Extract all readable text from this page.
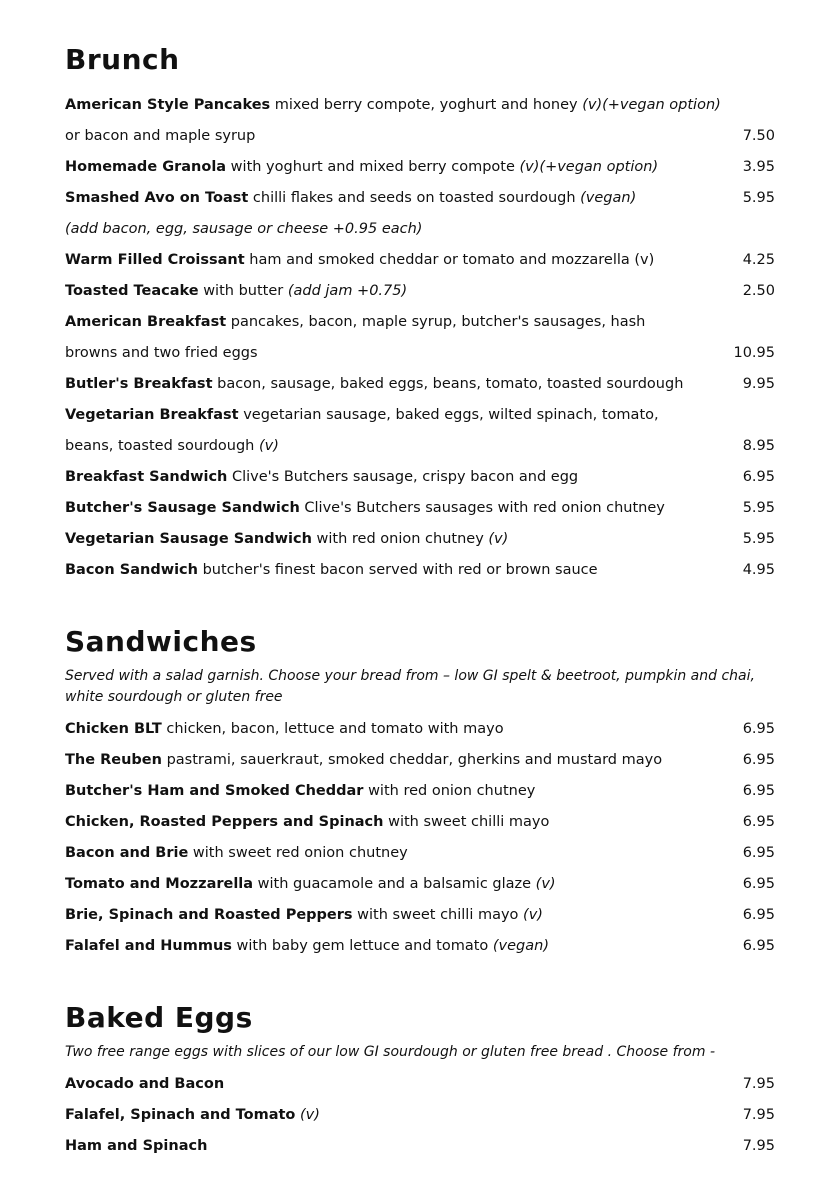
Brunch
American Style Pancakes mixed berry compote, yoghurt and honey (v)(+vegan option)
or bacon and maple syrup	7.50
Homemade Granola with yoghurt and mixed berry compote (v)(+vegan option)	3.95
Smashed Avo on Toast chilli flakes and seeds on toasted sourdough (vegan)	5.95
(add bacon, egg, sausage or cheese +0.95 each)
Warm Filled Croissant ham and smoked cheddar or tomato and mozzarella (v)	4.25
Toasted Teacake with butter (add jam +0.75)	2.50
American Breakfast pancakes, bacon, maple syrup, butcher's sausages, hash
browns and two fried eggs	10.95
Butler's Breakfast bacon, sausage, baked eggs, beans, tomato, toasted sourdough	9.95
Vegetarian Breakfast vegetarian sausage, baked eggs, wilted spinach, tomato,
beans, toasted sourdough (v)	8.95
Breakfast Sandwich Clive's Butchers sausage, crispy bacon and egg	6.95
Butcher's Sausage Sandwich Clive's Butchers sausages with red onion chutney	5.95
Vegetarian Sausage Sandwich with red onion chutney (v)	5.95
Bacon Sandwich butcher's finest bacon served with red or brown sauce	4.95
Sandwiches
Served with a salad garnish. Choose your bread from – low GI spelt & beetroot, pumpkin and chai, white sourdough or gluten free
Chicken BLT chicken, bacon, lettuce and tomato with mayo	6.95
The Reuben pastrami, sauerkraut, smoked cheddar, gherkins and mustard mayo	6.95
Butcher's Ham and Smoked Cheddar with red onion chutney	6.95
Chicken, Roasted Peppers and Spinach with sweet chilli mayo	6.95
Bacon and Brie with sweet red onion chutney	6.95
Tomato and Mozzarella with guacamole and a balsamic glaze (v)	6.95
Brie, Spinach and Roasted Peppers with sweet chilli mayo (v)	6.95
Falafel and Hummus with baby gem lettuce and tomato (vegan)	6.95
Baked Eggs
Two free range eggs with slices of our low GI sourdough or gluten free bread . Choose from -
Avocado and Bacon	7.95
Falafel, Spinach and Tomato (v)	7.95
Ham and Spinach	7.95
